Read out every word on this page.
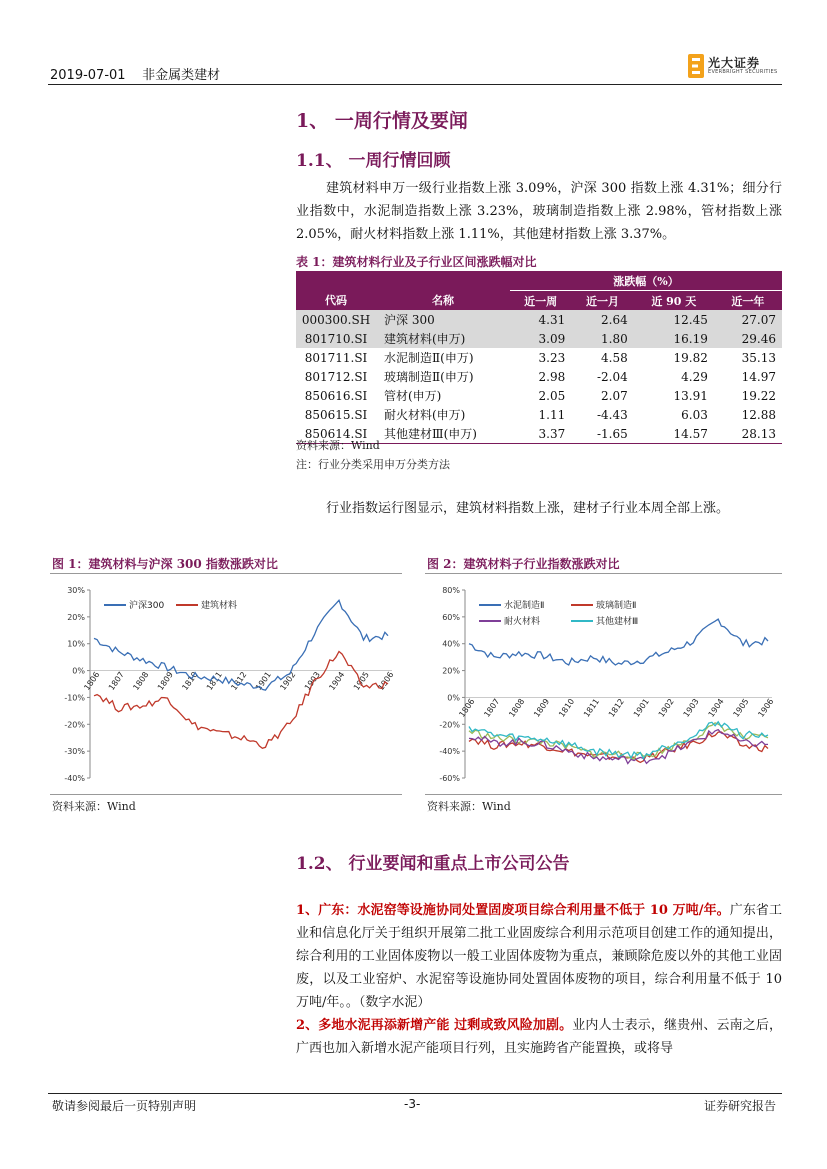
2019-07-01 非金属类建材
光大证券
EVERBRIGHT SECURITIES
1、 一周行情及要闻
1.1、 一周行情回顾
建筑材料申万一级行业指数上涨 3.09%，沪深 300 指数上涨 4.31%；细分行业指数中，水泥制造指数上涨 3.23%，玻璃制造指数上涨 2.98%，管材指数上涨 2.05%，耐火材料指数上涨 1.11%，其他建材指数上涨 3.37%。
表 1：建筑材料行业及子行业区间涨跌幅对比
		涨跌幅（%）			
代码	名称	近一周	近一月	近 90 天	近一年
000300.SH	沪深 300	4.31	2.64	12.45	27.07
801710.SI	建筑材料(申万)	3.09	1.80	16.19	29.46
801711.SI	水泥制造Ⅱ(申万)	3.23	4.58	19.82	35.13
801712.SI	玻璃制造Ⅱ(申万)	2.98	-2.04	4.29	14.97
850616.SI	管材(申万)	2.05	2.07	13.91	19.22
850615.SI	耐火材料(申万)	1.11	-4.43	6.03	12.88
850614.SI	其他建材Ⅲ(申万)	3.37	-1.65	14.57	28.13
资料来源：Wind
注：行业分类采用申万分类方法
行业指数运行图显示，建筑材料指数上涨，建材子行业本周全部上涨。
图 1：建筑材料与沪深 300 指数涨跌对比	图 2：建筑材料子行业指数涨跌对比
30%
20%
10%
0%
-10%
-20%
-30%
-40%
1806 1807 1808 1809 1810 1811 1812 1901 1902 1903 1904 1905 1906
沪深300	建筑材料
80%
60%
40%
20%
0%
-20%
-40%
-60%
1806 1807 1808 1809 1810 1811 1812 1901 1902 1903 1904 1905 1906
水泥制造Ⅱ	玻璃制造Ⅱ
耐火材料	其他建材Ⅲ
资料来源：Wind	资料来源：Wind
1.2、 行业要闻和重点上市公司公告
1、广东：水泥窑等设施协同处置固废项目综合利用量不低于 10 万吨/年。广东省工业和信息化厅关于组织开展第二批工业固废综合利用示范项目创建工作的通知提出，综合利用的工业固体废物以一般工业固体废物为重点，兼顾除危废以外的其他工业固废，以及工业窑炉、水泥窑等设施协同处置固体废物的项目，综合利用量不低于 10 万吨/年。。（数字水泥）
2、多地水泥再添新增产能 过剩或致风险加剧。业内人士表示，继贵州、云南之后，广西也加入新增水泥产能项目行列，且实施跨省产能置换，或将导
敬请参阅最后一页特别声明	-3-	证券研究报告
